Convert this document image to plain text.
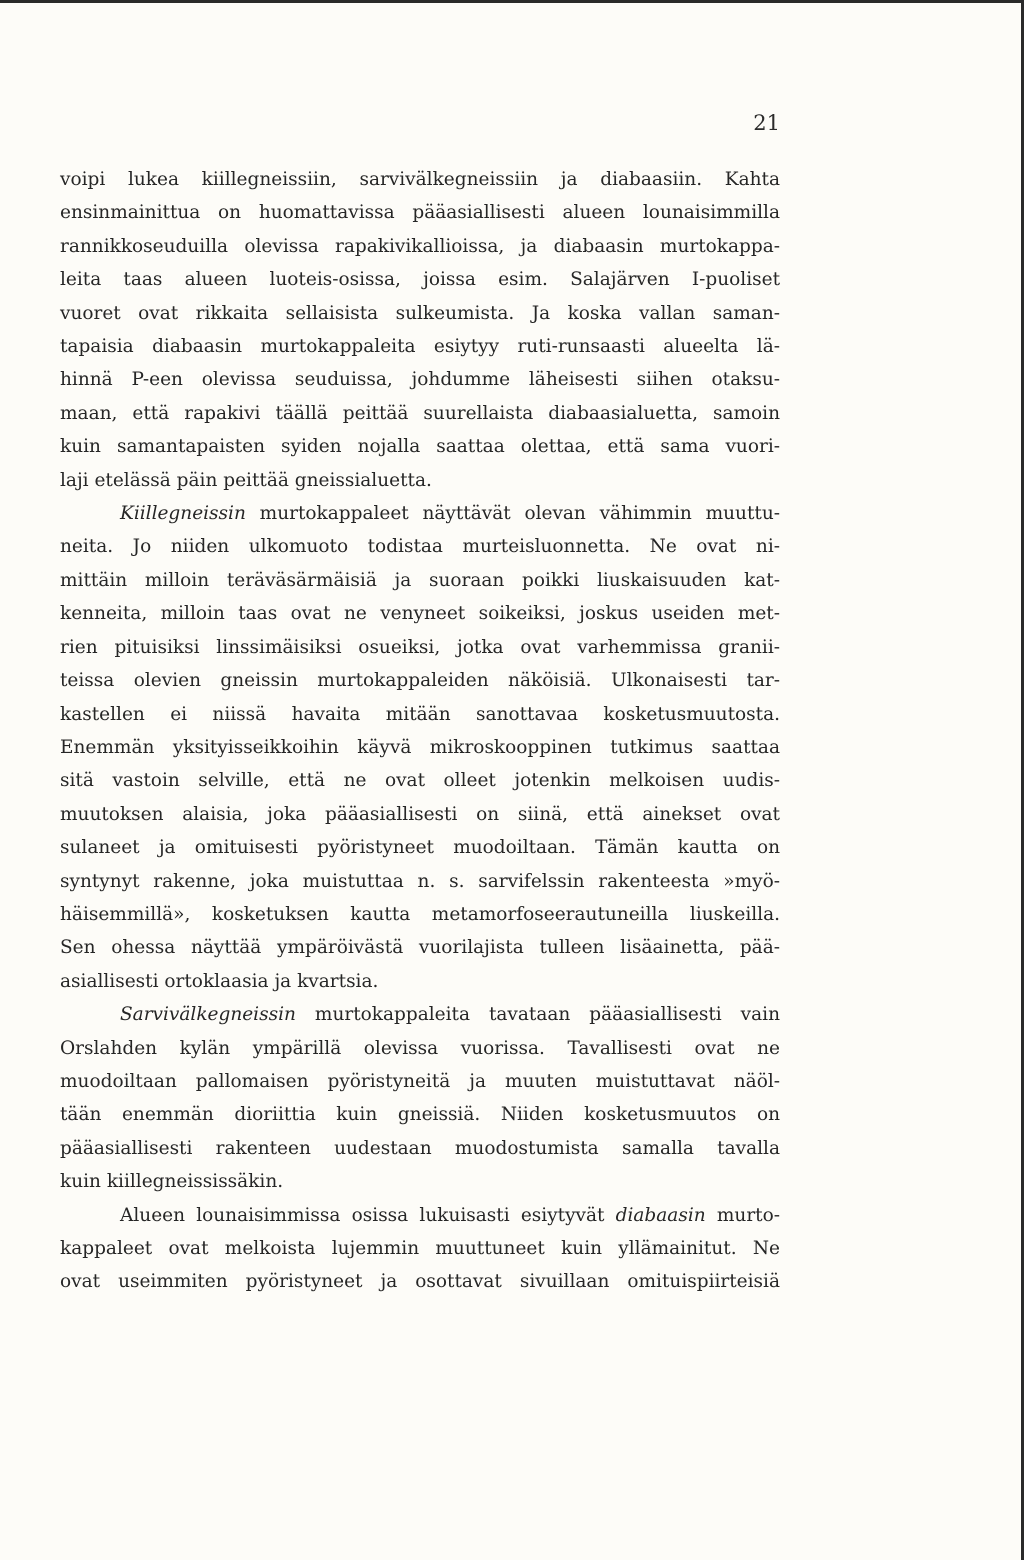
21

voipi lukea kiillegneissiin, sarvivälkegneissiin ja diabaasiin. Kahta
ensinmainittua on huomattavissa pääasiallisesti alueen lounaisimmilla
rannikkoseuduilla olevissa rapakivikallioissa, ja diabaasin murtokappa-
leita taas alueen luoteis-osissa, joissa esim. Salajärven I-puoliset
vuoret ovat rikkaita sellaisista sulkeumista. Ja koska vallan saman-
tapaisia diabaasin murtokappaleita esiytyy ruti-runsaasti alueelta lä-
hinnä P-een olevissa seuduissa, johdumme läheisesti siihen otaksu-
maan, että rapakivi täällä peittää suurellaista diabaasialuetta, samoin
kuin samantapaisten syiden nojalla saattaa olettaa, että sama vuori-
laji etelässä päin peittää gneissialuetta.

Kiillegneissin murtokappaleet näyttävät olevan vähimmin muuttu-
neita. Jo niiden ulkomuoto todistaa murteisluonnetta. Ne ovat ni-
mittäin milloin teräväsärmäisiä ja suoraan poikki liuskaisuuden kat-
kenneita, milloin taas ovat ne venyneet soikeiksi, joskus useiden met-
rien pituisiksi linssimäisiksi osueiksi, jotka ovat varhemmissa granii-
teissa olevien gneissin murtokappaleiden näköisiä. Ulkonaisesti tar-
kastellen ei niissä havaita mitään sanottavaa kosketusmuutosta.
Enemmän yksityisseikkoihin käyvä mikroskooppinen tutkimus saattaa
sitä vastoin selville, että ne ovat olleet jotenkin melkoisen uudis-
muutoksen alaisia, joka pääasiallisesti on siinä, että ainekset ovat
sulaneet ja omituisesti pyöristyneet muodoiltaan. Tämän kautta on
syntynyt rakenne, joka muistuttaa n. s. sarvifelssin rakenteesta »myö-
häisemmillä», kosketuksen kautta metamorfoseerautuneilla liuskeilla.
Sen ohessa näyttää ympäröivästä vuorilajista tulleen lisäainetta, pää-
asiallisesti ortoklaasia ja kvartsia.

Sarvivälkegneissin murtokappaleita tavataan pääasiallisesti vain
Orslahden kylän ympärillä olevissa vuorissa. Tavallisesti ovat ne
muodoiltaan pallomaisen pyöristyneitä ja muuten muistuttavat näöl-
tään enemmän dioriittia kuin gneissiä. Niiden kosketusmuutos on
pääasiallisesti rakenteen uudestaan muodostumista samalla tavalla
kuin kiillegneississäkin.

Alueen lounaisimmissa osissa lukuisasti esiytyvät diabaasin murto-
kappaleet ovat melkoista lujemmin muuttuneet kuin yllämainitut. Ne
ovat useimmiten pyöristyneet ja osottavat sivuillaan omituispiirteisiä
